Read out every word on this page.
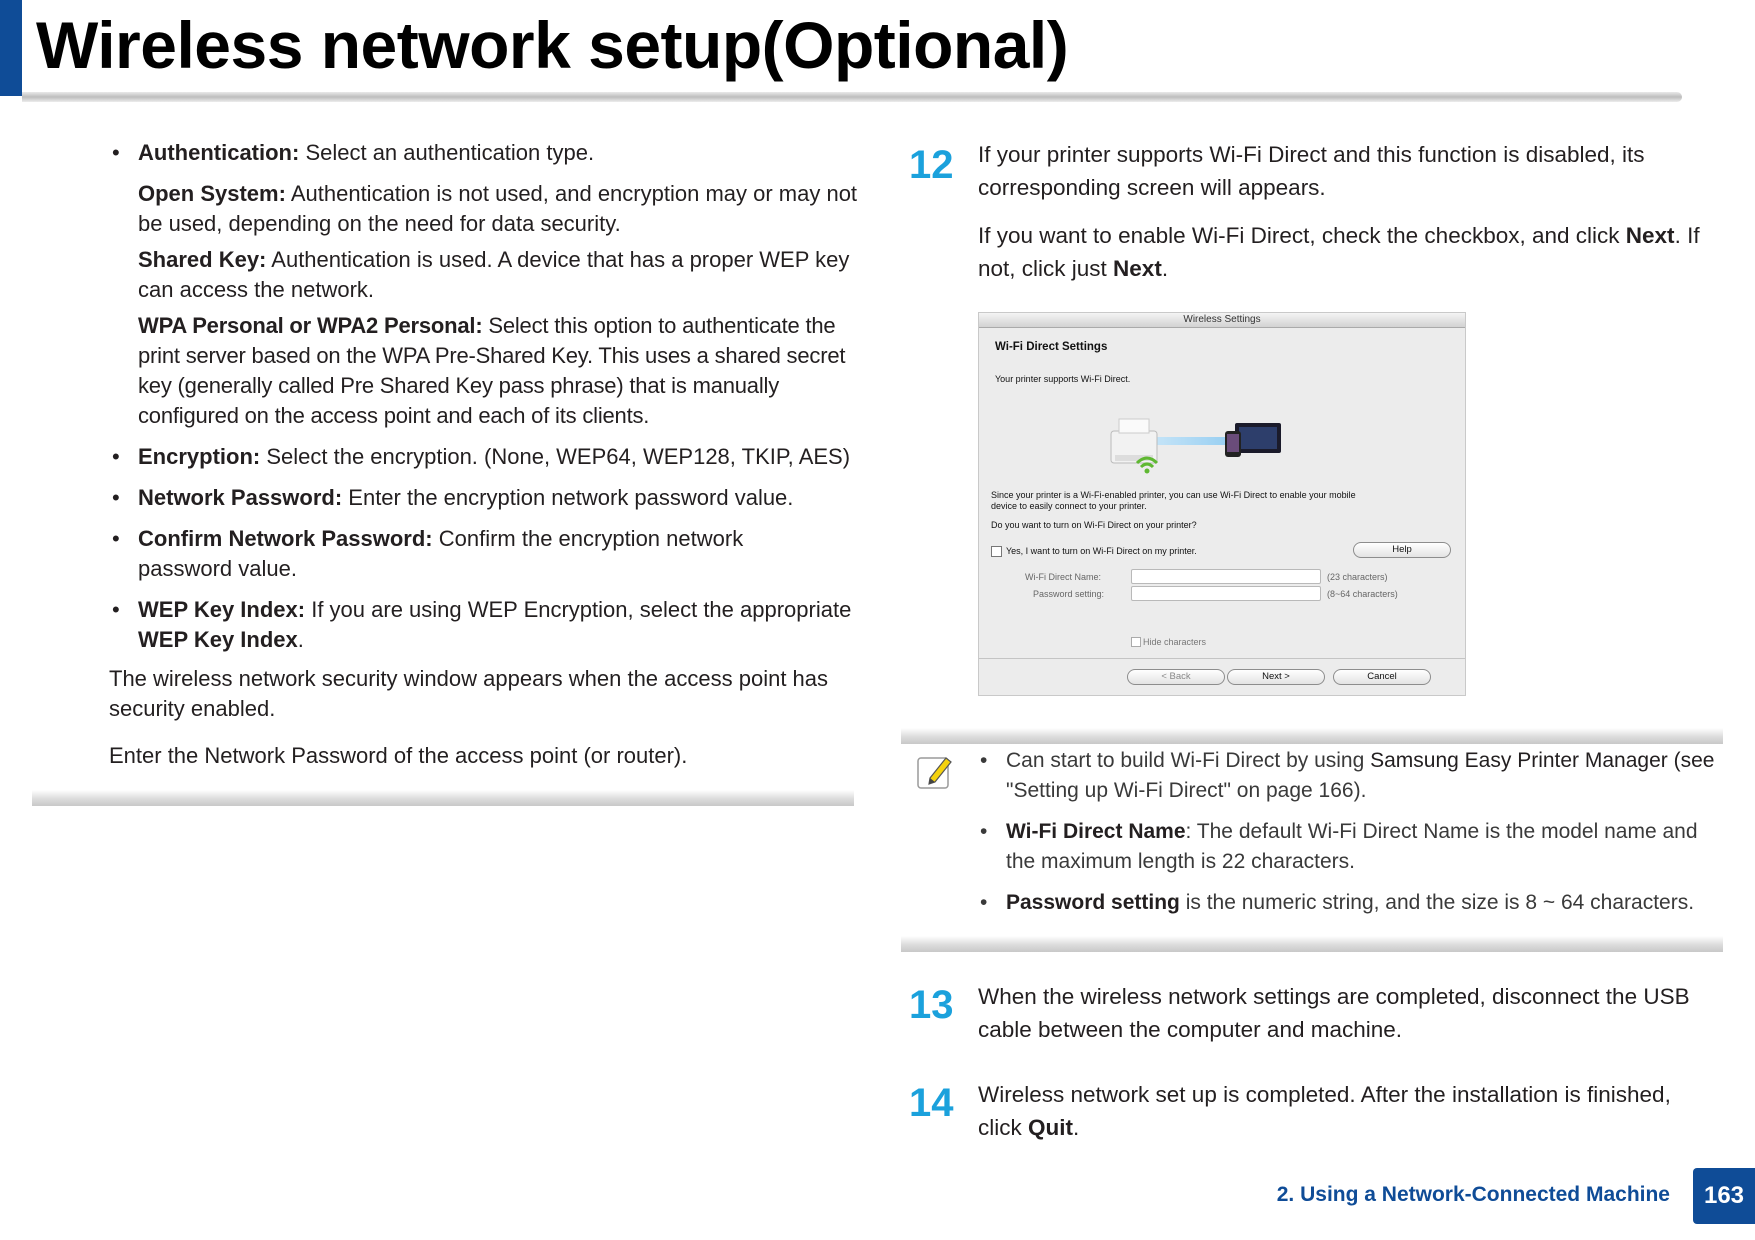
Wireless network setup(Optional)
• Authentication: Select an authentication type.
Open System: Authentication is not used, and encryption may or may not be used, depending on the need for data security.
Shared Key: Authentication is used. A device that has a proper WEP key can access the network.
WPA Personal or WPA2 Personal: Select this option to authenticate the print server based on the WPA Pre-Shared Key. This uses a shared secret key (generally called Pre Shared Key pass phrase) that is manually configured on the access point and each of its clients.
• Encryption: Select the encryption. (None, WEP64, WEP128, TKIP, AES)
• Network Password: Enter the encryption network password value.
• Confirm Network Password: Confirm the encryption network password value.
• WEP Key Index: If you are using WEP Encryption, select the appropriate WEP Key Index.
The wireless network security window appears when the access point has security enabled.
Enter the Network Password of the access point (or router).
12 If your printer supports Wi-Fi Direct and this function is disabled, its corresponding screen will appears.
If you want to enable Wi-Fi Direct, check the checkbox, and click Next. If not, click just Next.
Wireless Settings
Wi-Fi Direct Settings
Your printer supports Wi-Fi Direct.
Since your printer is a Wi-Fi-enabled printer, you can use Wi-Fi Direct to enable your mobile
device to easily connect to your printer.
Do you want to turn on Wi-Fi Direct on your printer?
Yes, I want to turn on Wi-Fi Direct on my printer.	Help
Wi-Fi Direct Name:	(23 characters)
Password setting:	(8~64 characters)
Hide characters
< Back	Next >	Cancel
• Can start to build Wi-Fi Direct by using Samsung Easy Printer Manager (see "Setting up Wi-Fi Direct" on page 166).
• Wi-Fi Direct Name: The default Wi-Fi Direct Name is the model name and the maximum length is 22 characters.
• Password setting is the numeric string, and the size is 8 ~ 64 characters.
13 When the wireless network settings are completed, disconnect the USB cable between the computer and machine.
14 Wireless network set up is completed. After the installation is finished, click Quit.
2. Using a Network-Connected Machine	163
